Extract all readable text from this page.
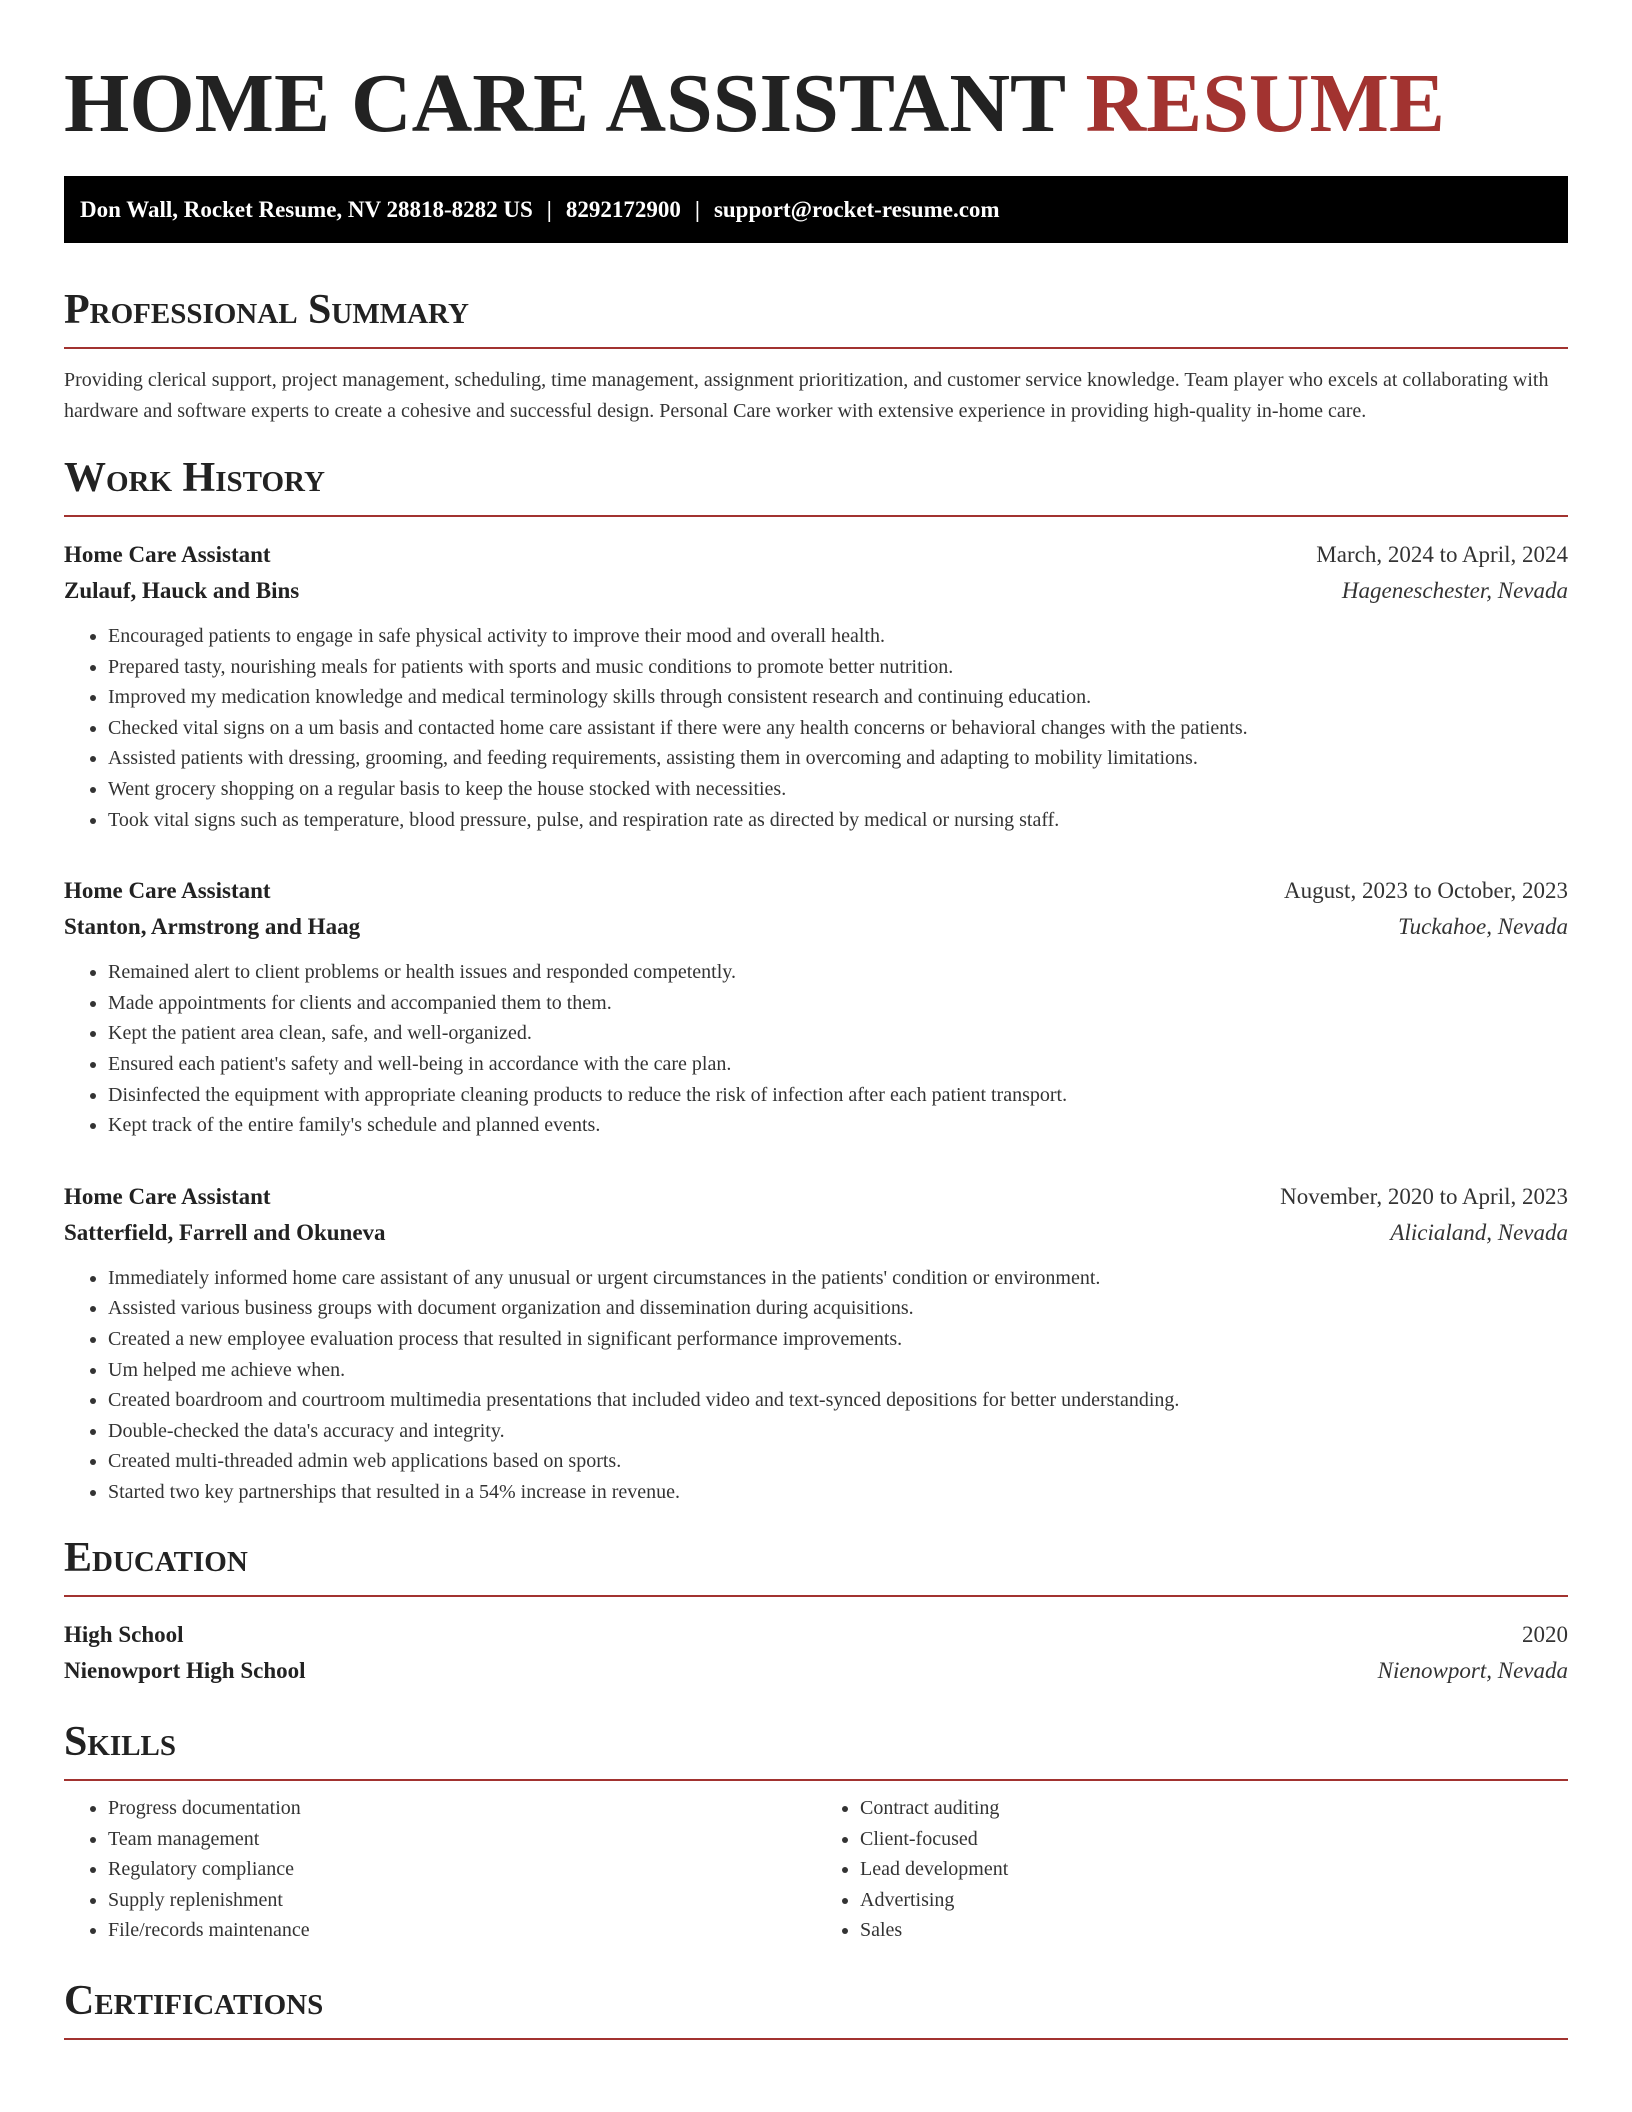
HOME CARE ASSISTANT RESUME
Don Wall, Rocket Resume, NV 28818-8282 US | 8292172900 | support@rocket-resume.com
Professional Summary

Providing clerical support, project management, scheduling, time management, assignment prioritization, and customer service knowledge. Team player who excels at collaborating with hardware and software experts to create a cohesive and successful design. Personal Care worker with extensive experience in providing high-quality in-home care.

Work History
Home Care Assistant	March, 2024 to April, 2024
Zulauf, Hauck and Bins	Hageneschester, Nevada
• Encouraged patients to engage in safe physical activity to improve their mood and overall health.
• Prepared tasty, nourishing meals for patients with sports and music conditions to promote better nutrition.
• Improved my medication knowledge and medical terminology skills through consistent research and continuing education.
• Checked vital signs on a um basis and contacted home care assistant if there were any health concerns or behavioral changes with the patients.
• Assisted patients with dressing, grooming, and feeding requirements, assisting them in overcoming and adapting to mobility limitations.
• Went grocery shopping on a regular basis to keep the house stocked with necessities.
• Took vital signs such as temperature, blood pressure, pulse, and respiration rate as directed by medical or nursing staff.
Home Care Assistant	August, 2023 to October, 2023
Stanton, Armstrong and Haag	Tuckahoe, Nevada
• Remained alert to client problems or health issues and responded competently.
• Made appointments for clients and accompanied them to them.
• Kept the patient area clean, safe, and well-organized.
• Ensured each patient's safety and well-being in accordance with the care plan.
• Disinfected the equipment with appropriate cleaning products to reduce the risk of infection after each patient transport.
• Kept track of the entire family's schedule and planned events.
Home Care Assistant	November, 2020 to April, 2023
Satterfield, Farrell and Okuneva	Alicialand, Nevada
• Immediately informed home care assistant of any unusual or urgent circumstances in the patients' condition or environment.
• Assisted various business groups with document organization and dissemination during acquisitions.
• Created a new employee evaluation process that resulted in significant performance improvements.
• Um helped me achieve when.
• Created boardroom and courtroom multimedia presentations that included video and text-synced depositions for better understanding.
• Double-checked the data's accuracy and integrity.
• Created multi-threaded admin web applications based on sports.
• Started two key partnerships that resulted in a 54% increase in revenue.
Education
High School	2020
Nienowport High School	Nienowport, Nevada
Skills
• Progress documentation
• Team management
• Regulatory compliance
• Supply replenishment
• File/records maintenance
• Contract auditing
• Client-focused
• Lead development
• Advertising
• Sales
Certifications
